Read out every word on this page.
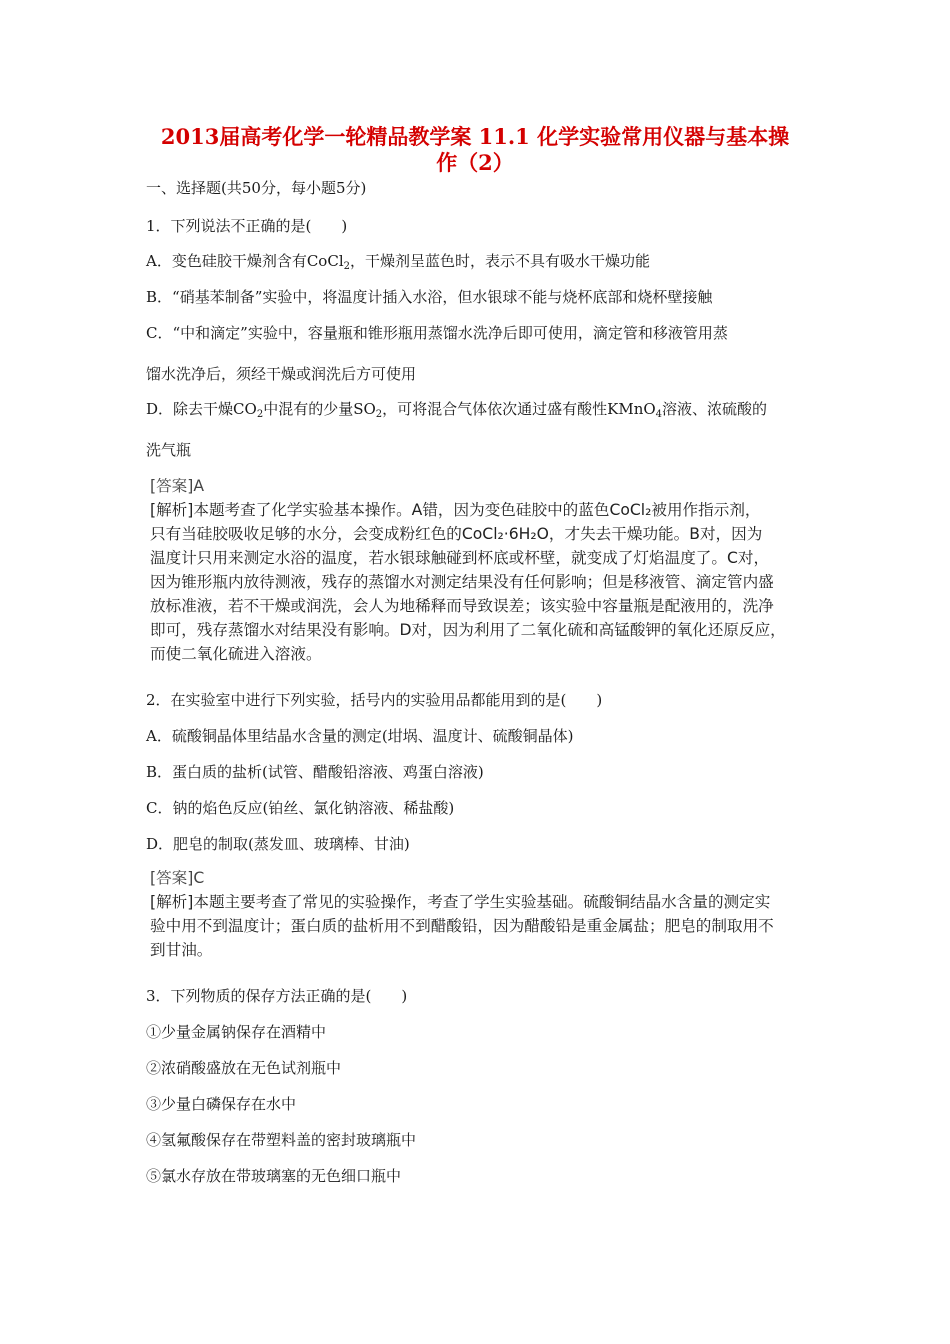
2013届高考化学一轮精品教学案 11.1 化学实验常用仪器与基本操
作（2）
一、选择题(共50分，每小题5分)
1．下列说法不正确的是(　　)
A．变色硅胶干燥剂含有CoCl$_2$，干燥剂呈蓝色时，表示不具有吸水干燥功能
B．“硝基苯制备”实验中，将温度计插入水浴，但水银球不能与烧杯底部和烧杯壁接触
C．“中和滴定”实验中，容量瓶和锥形瓶用蒸馏水洗净后即可使用，滴定管和移液管用蒸
馏水洗净后，须经干燥或润洗后方可使用
D．除去干燥$CO_2$中混有的少量$SO_2$，可将混合气体依次通过盛有酸性KMnO$_4$溶液、浓硫酸的
洗气瓶
[答案]A
[解析]本题考查了化学实验基本操作。A错，因为变色硅胶中的蓝色CoCl₂被用作指示剂，
只有当硅胶吸收足够的水分，会变成粉红色的CoCl₂·6H₂O，才失去干燥功能。B对，因为
温度计只用来测定水浴的温度，若水银球触碰到杯底或杯壁，就变成了灯焰温度了。C对，
因为锥形瓶内放待测液，残存的蒸馏水对测定结果没有任何影响；但是移液管、滴定管内盛
放标准液，若不干燥或润洗，会人为地稀释而导致误差；该实验中容量瓶是配液用的，洗净
即可，残存蒸馏水对结果没有影响。D对，因为利用了二氧化硫和高锰酸钾的氧化还原反应，
而使二氧化硫进入溶液。
2．在实验室中进行下列实验，括号内的实验用品都能用到的是(　　)
A．硫酸铜晶体里结晶水含量的测定(坩埚、温度计、硫酸铜晶体)
B．蛋白质的盐析(试管、醋酸铅溶液、鸡蛋白溶液)
C．钠的焰色反应(铂丝、氯化钠溶液、稀盐酸)
D．肥皂的制取(蒸发皿、玻璃棒、甘油)
[答案]C
[解析]本题主要考查了常见的实验操作，考查了学生实验基础。硫酸铜结晶水含量的测定实
验中用不到温度计；蛋白质的盐析用不到醋酸铅，因为醋酸铅是重金属盐；肥皂的制取用不
到甘油。
3．下列物质的保存方法正确的是(　　)
①少量金属钠保存在酒精中
②浓硝酸盛放在无色试剂瓶中
③少量白磷保存在水中
④氢氟酸保存在带塑料盖的密封玻璃瓶中
⑤氯水存放在带玻璃塞的无色细口瓶中
